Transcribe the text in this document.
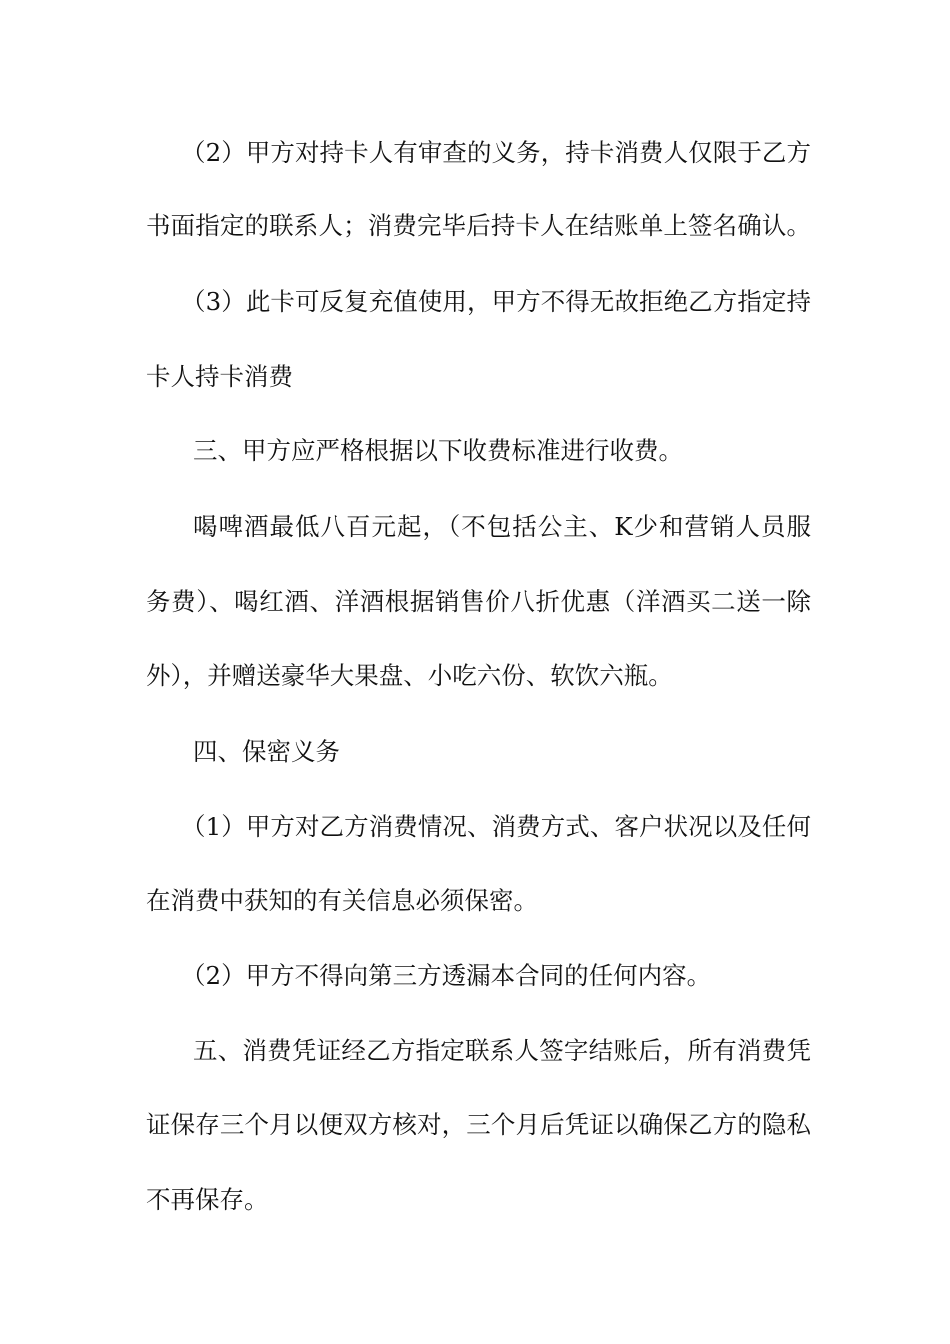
（2）甲方对持卡人有审查的义务，持卡消费人仅限于乙方
书面指定的联系人；消费完毕后持卡人在结账单上签名确认。
（3）此卡可反复充值使用，甲方不得无故拒绝乙方指定持
卡人持卡消费
三、甲方应严格根据以下收费标准进行收费。
喝啤酒最低八百元起，（不包括公主、K少和营销人员服
务费）、喝红酒、洋酒根据销售价八折优惠（洋酒买二送一除
外），并赠送豪华大果盘、小吃六份、软饮六瓶。
四、保密义务
（1）甲方对乙方消费情况、消费方式、客户状况以及任何
在消费中获知的有关信息必须保密。
（2）甲方不得向第三方透漏本合同的任何内容。
五、消费凭证经乙方指定联系人签字结账后，所有消费凭
证保存三个月以便双方核对，三个月后凭证以确保乙方的隐私
不再保存。
